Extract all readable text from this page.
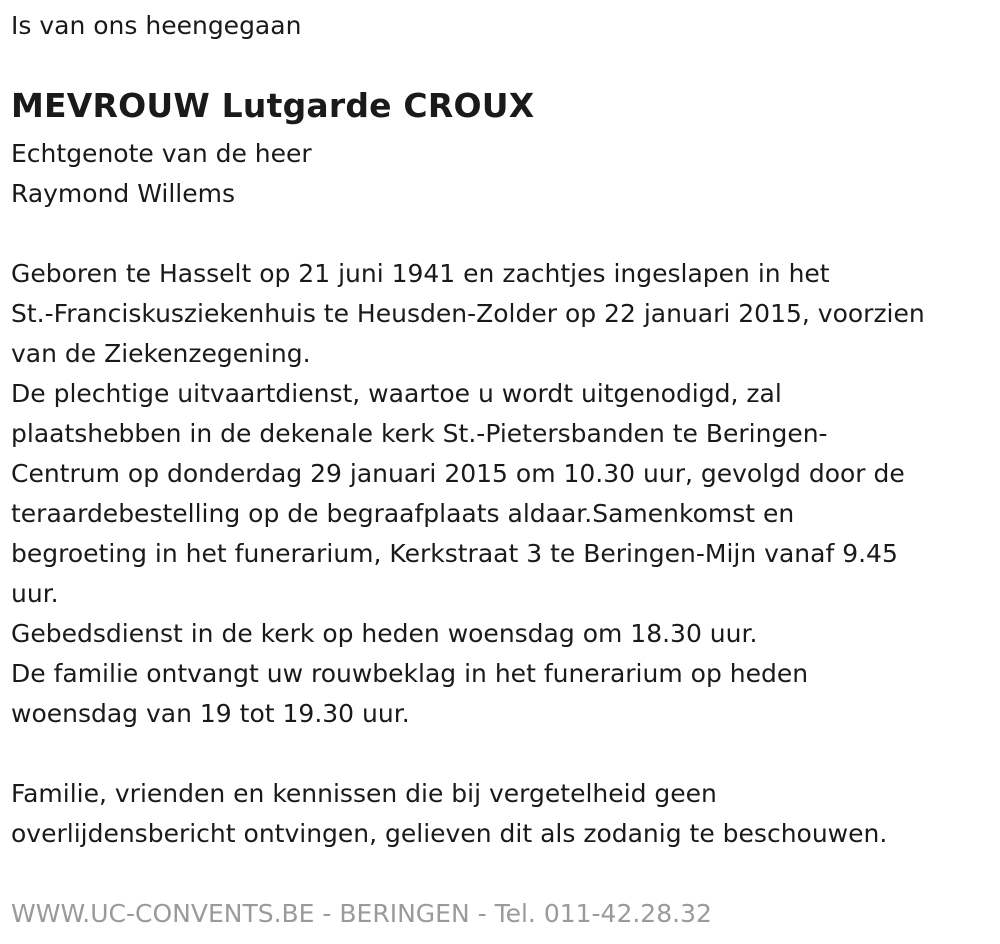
Is van ons heengegaan
MEVROUW Lutgarde CROUX
Echtgenote van de heer
Raymond Willems
Geboren te Hasselt op 21 juni 1941 en zachtjes ingeslapen in het
St.-Franciskusziekenhuis te Heusden-Zolder op 22 januari 2015, voorzien
van de Ziekenzegening.
De plechtige uitvaartdienst, waartoe u wordt uitgenodigd, zal
plaatshebben in de dekenale kerk St.-Pietersbanden te Beringen-
Centrum op donderdag 29 januari 2015 om 10.30 uur, gevolgd door de
teraardebestelling op de begraafplaats aldaar.Samenkomst en
begroeting in het funerarium, Kerkstraat 3 te Beringen-Mijn vanaf 9.45
uur.
Gebedsdienst in de kerk op heden woensdag om 18.30 uur.
De familie ontvangt uw rouwbeklag in het funerarium op heden
woensdag van 19 tot 19.30 uur.
Familie, vrienden en kennissen die bij vergetelheid geen
overlijdensbericht ontvingen, gelieven dit als zodanig te beschouwen.
WWW.UC-CONVENTS.BE - BERINGEN - Tel. 011-42.28.32
